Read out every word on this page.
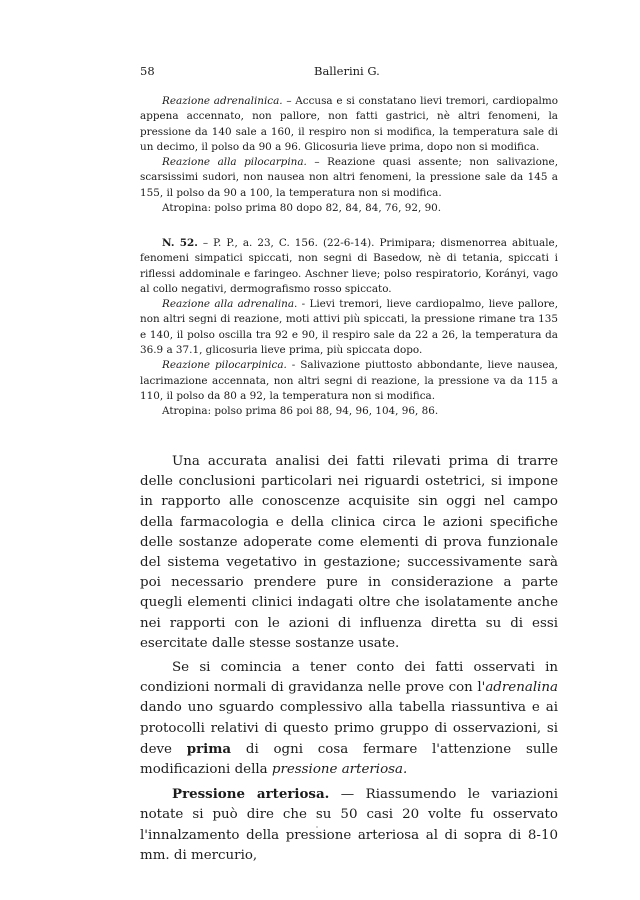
58	Ballerini G.

Reazione adrenalinica. – Accusa e si constatano lievi tremori, cardiopalmo appena accennato, non pallore, non fatti gastrici, nè altri fenomeni, la pressione da 140 sale a 160, il respiro non si modifica, la temperatura sale di un decimo, il polso da 90 a 96. Glicosuria lieve prima, dopo non si modifica.

Reazione alla pilocarpina. – Reazione quasi assente; non salivazione, scarsissimi sudori, non nausea non altri fenomeni, la pressione sale da 145 a 155, il polso da 90 a 100, la temperatura non si modifica.

Atropina: polso prima 80 dopo 82, 84, 84, 76, 92, 90.

N. 52. – P. P., a. 23, C. 156. (22-6-14). Primipara; dismenorrea abituale, fenomeni simpatici spiccati, non segni di Basedow, nè di tetania, spiccati i riflessi addominale e faringeo. Aschner lieve; polso respiratorio, Korányi, vago al collo negativi, dermografismo rosso spiccato.

Reazione alla adrenalina. - Lievi tremori, lieve cardiopalmo, lieve pallore, non altri segni di reazione, moti attivi più spiccati, la pressione rimane tra 135 e 140, il polso oscilla tra 92 e 90, il respiro sale da 22 a 26, la temperatura da 36.9 a 37.1, glicosuria lieve prima, più spiccata dopo.

Reazione pilocarpinica. - Salivazione piuttosto abbondante, lieve nausea, lacrimazione accennata, non altri segni di reazione, la pressione va da 115 a 110, il polso da 80 a 92, la temperatura non si modifica.

Atropina: polso prima 86 poi 88, 94, 96, 104, 96, 86.

Una accurata analisi dei fatti rilevati prima di trarre delle conclusioni particolari nei riguardi ostetrici, si impone in rapporto alle conoscenze acquisite sin oggi nel campo della farmacologia e della clinica circa le azioni specifiche delle sostanze adoperate come elementi di prova funzionale del sistema vegetativo in gestazione; successivamente sarà poi necessario prendere pure in considerazione a parte quegli elementi clinici indagati oltre che isolatamente anche nei rapporti con le azioni di influenza diretta su di essi esercitate dalle stesse sostanze usate.

Se si comincia a tener conto dei fatti osservati in condizioni normali di gravidanza nelle prove con l'adrenalina dando uno sguardo complessivo alla tabella riassuntiva e ai protocolli relativi di questo primo gruppo di osservazioni, si deve prima di ogni cosa fermare l'attenzione sulle modificazioni della pressione arteriosa.

Pressione arteriosa. — Riassumendo le variazioni notate si può dire che su 50 casi 20 volte fu osservato l'innalzamento della pressione arteriosa al di sopra di 8-10 mm. di mercurio,
